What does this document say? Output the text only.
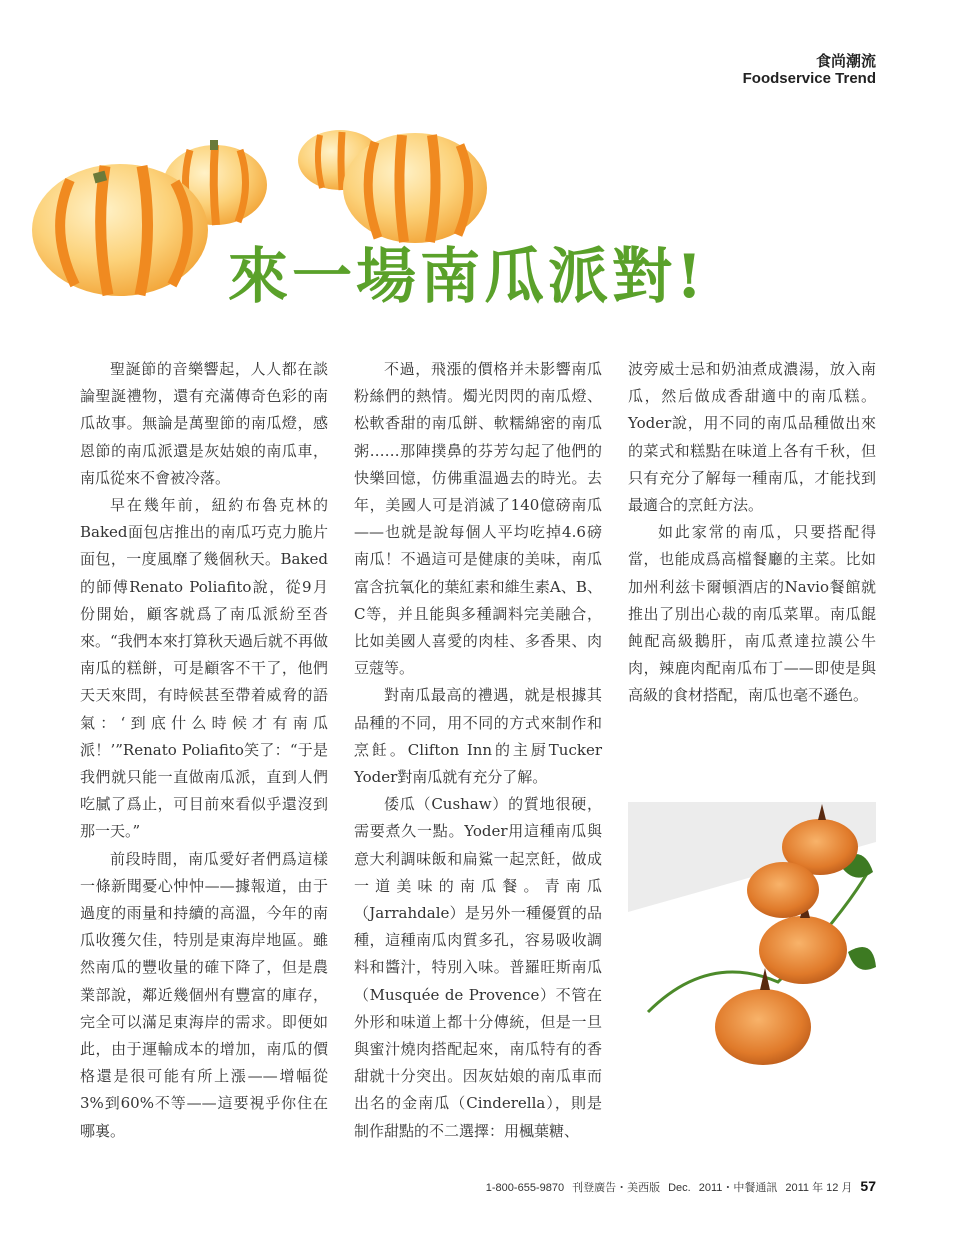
食尚潮流
Foodservice Trend
來一場南瓜派對!

聖誕節的音樂響起，人人都在談論聖誕禮物，還有充滿傳奇色彩的南瓜故事。無論是萬聖節的南瓜燈，感恩節的南瓜派還是灰姑娘的南瓜車，南瓜從來不會被冷落。

早在幾年前，紐約布魯克林的Baked面包店推出的南瓜巧克力脆片面包，一度風靡了幾個秋天。Baked的師傅Renato Poliafito說，從9月份開始，顧客就爲了南瓜派紛至沓來。“我們本來打算秋天過后就不再做南瓜的糕餅，可是顧客不干了，他們天天來問，有時候甚至帶着威脅的語氣：‘到底什么時候才有南瓜派！’”Renato Poliafito笑了：“于是我們就只能一直做南瓜派，直到人們吃膩了爲止，可目前來看似乎還沒到那一天。”

前段時間，南瓜愛好者們爲這樣一條新聞憂心忡忡——據報道，由于過度的雨量和持續的高溫，今年的南瓜收獲欠佳，特別是東海岸地區。雖然南瓜的豐收量的確下降了，但是農業部說，鄰近幾個州有豐富的庫存，完全可以滿足東海岸的需求。即便如此，由于運輸成本的增加，南瓜的價格還是很可能有所上漲——增幅從3%到60%不等——這要視乎你住在哪裏。

不過，飛漲的價格并未影響南瓜粉絲們的熱情。燭光閃閃的南瓜燈、松軟香甜的南瓜餅、軟糯綿密的南瓜粥……那陣撲鼻的芬芳勾起了他們的快樂回憶，仿佛重温過去的時光。去年，美國人可是消滅了140億磅南瓜——也就是說每個人平均吃掉4.6磅南瓜！不過這可是健康的美味，南瓜富含抗氧化的葉紅素和維生素A、B、C等，并且能與多種調料完美融合，比如美國人喜愛的肉桂、多香果、肉豆蔻等。

對南瓜最高的禮遇，就是根據其品種的不同，用不同的方式來制作和烹飪。Clifton Inn的主厨Tucker Yoder對南瓜就有充分了解。

倭瓜（Cushaw）的質地很硬，需要煮久一點。Yoder用這種南瓜與意大利調味飯和扁鯊一起烹飪，做成一道美味的南瓜餐。青南瓜（Jarrahdale）是另外一種優質的品種，這種南瓜肉質多孔，容易吸收調料和醬汁，特別入味。普羅旺斯南瓜（Musquée de Provence）不管在外形和味道上都十分傳統，但是一旦與蜜汁燒肉搭配起來，南瓜特有的香甜就十分突出。因灰姑娘的南瓜車而出名的金南瓜（Cinderella），則是制作甜點的不二選擇：用楓葉糖、

波旁威士忌和奶油煮成濃湯，放入南瓜，然后做成香甜適中的南瓜糕。Yoder說，用不同的南瓜品種做出來的菜式和糕點在味道上各有千秋，但只有充分了解每一種南瓜，才能找到最適合的烹飪方法。

如此家常的南瓜，只要搭配得當，也能成爲高檔餐廳的主菜。比如加州利兹卡爾頓酒店的Navio餐館就推出了別出心裁的南瓜菜單。南瓜餛飩配高級鵝肝，南瓜煮達拉謨公牛肉，辣鹿肉配南瓜布丁——即使是與高級的食材搭配，南瓜也毫不遜色。

1-800-655-9870 刊登廣告・美西版 Dec. 2011・中餐通訊 2011 年 12 月 57
